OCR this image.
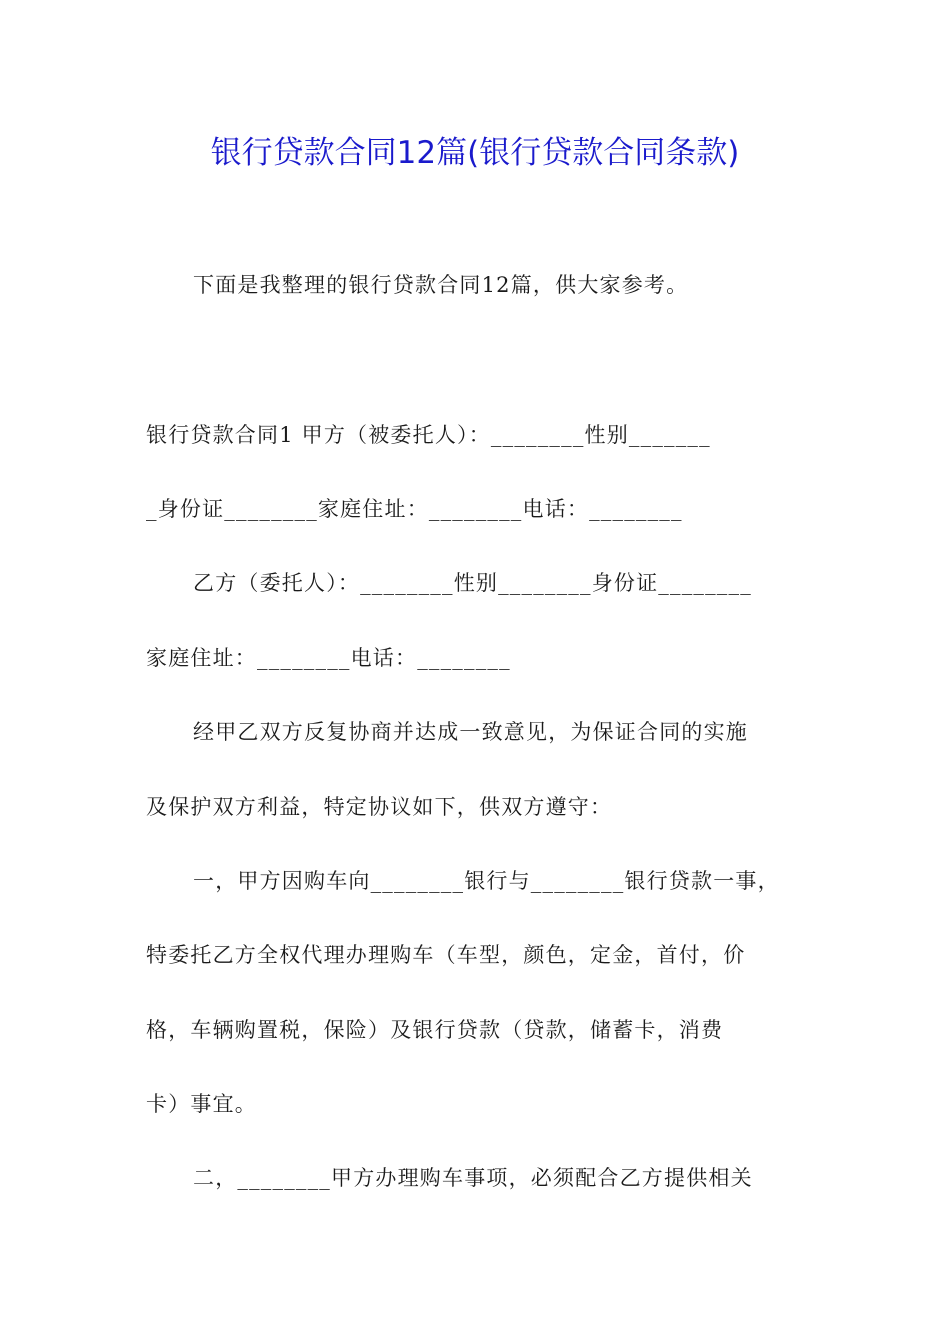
银行贷款合同12篇(银行贷款合同条款)
下面是我整理的银行贷款合同12篇，供大家参考。
银行贷款合同1 甲方（被委托人）：________性别_______
_身份证________家庭住址：________电话：________
乙方（委托人）：________性别________身份证________
家庭住址：________电话：________
经甲乙双方反复协商并达成一致意见，为保证合同的实施
及保护双方利益，特定协议如下，供双方遵守：
一，甲方因购车向________银行与________银行贷款一事，
特委托乙方全权代理办理购车（车型，颜色，定金，首付，价
格，车辆购置税，保险）及银行贷款（贷款，储蓄卡，消费
卡）事宜。
二，________甲方办理购车事项，必须配合乙方提供相关
